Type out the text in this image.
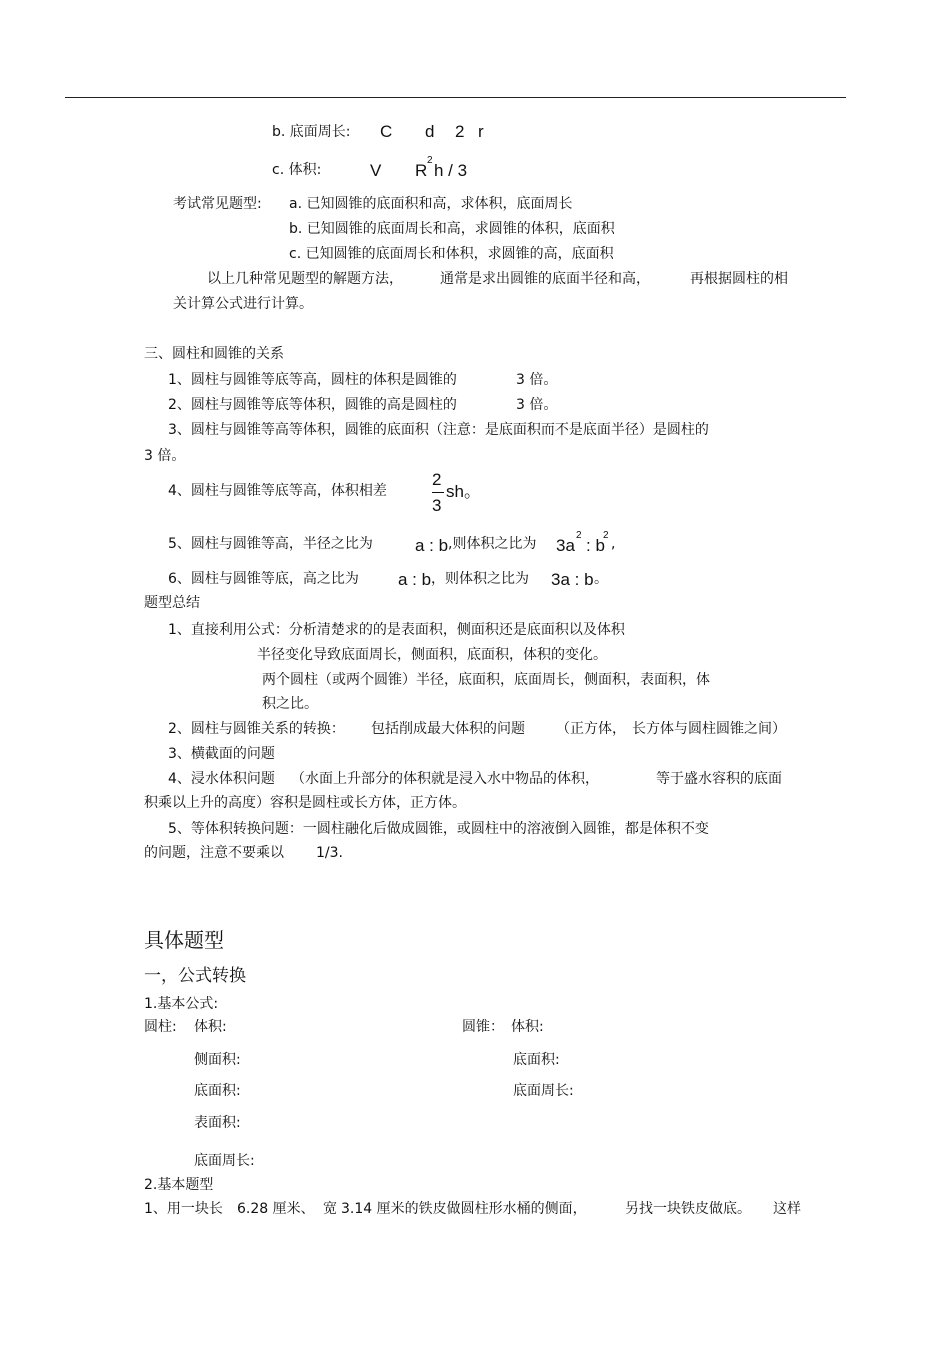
b. 底面周长: C d 2 r
c. 体积:	V R
2
h / 3
考试常见题型: a. 已知圆锥的底面积和高，求体积，底面周长
b. 已知圆锥的底面周长和高，求圆锥的体积，底面积
c. 已知圆锥的底面周长和体积，求圆锥的高，底面积
以上几种常见题型的解题方法，	通常是求出圆锥的底面半径和高，	再根据圆柱的相
关计算公式进行计算。
三、圆柱和圆锥的关系
1、圆柱与圆锥等底等高，圆柱的体积是圆锥的	3 倍。
2、圆柱与圆锥等底等体积，圆锥的高是圆柱的	3 倍。
3、圆柱与圆锥等高等体积，圆锥的底面积（注意：是底面积而不是底面半径）是圆柱的
3 倍。
4、圆柱与圆锥等底等高，体积相差
2
3
sh。
5、圆柱与圆锥等高，半径之比为 a : b ,则体积之比为 3a
2
: b
2
,
6、圆柱与圆锥等底，高之比为 a : b ，则体积之比为 3a : b 。
题型总结
1、直接利用公式：分析清楚求的的是表面积，侧面积还是底面积以及体积
半径变化导致底面周长，侧面积，底面积，体积的变化。
两个圆柱（或两个圆锥）半径，底面积，底面周长，侧面积，表面积，体
积之比。
2、圆柱与圆锥关系的转换： 包括削成最大体积的问题 （正方体， 长方体与圆柱圆锥之间）
3、横截面的问题
4、浸水体积问题 （水面上升部分的体积就是浸入水中物品的体积，	等于盛水容积的底面
积乘以上升的高度）容积是圆柱或长方体，正方体。
5、等体积转换问题：一圆柱融化后做成圆锥，或圆柱中的溶液倒入圆锥，都是体积不变
的问题，注意不要乘以 1/3.
具体题型
一，公式转换
1.基本公式:
圆柱: 体积:	圆锥： 体积:
侧面积:	底面积:
底面积:	底面周长:
表面积:
底面周长:
2.基本题型
1、用一块长 6.28 厘米、 宽 3.14 厘米的铁皮做圆柱形水桶的侧面，	另找一块铁皮做底。 这样
